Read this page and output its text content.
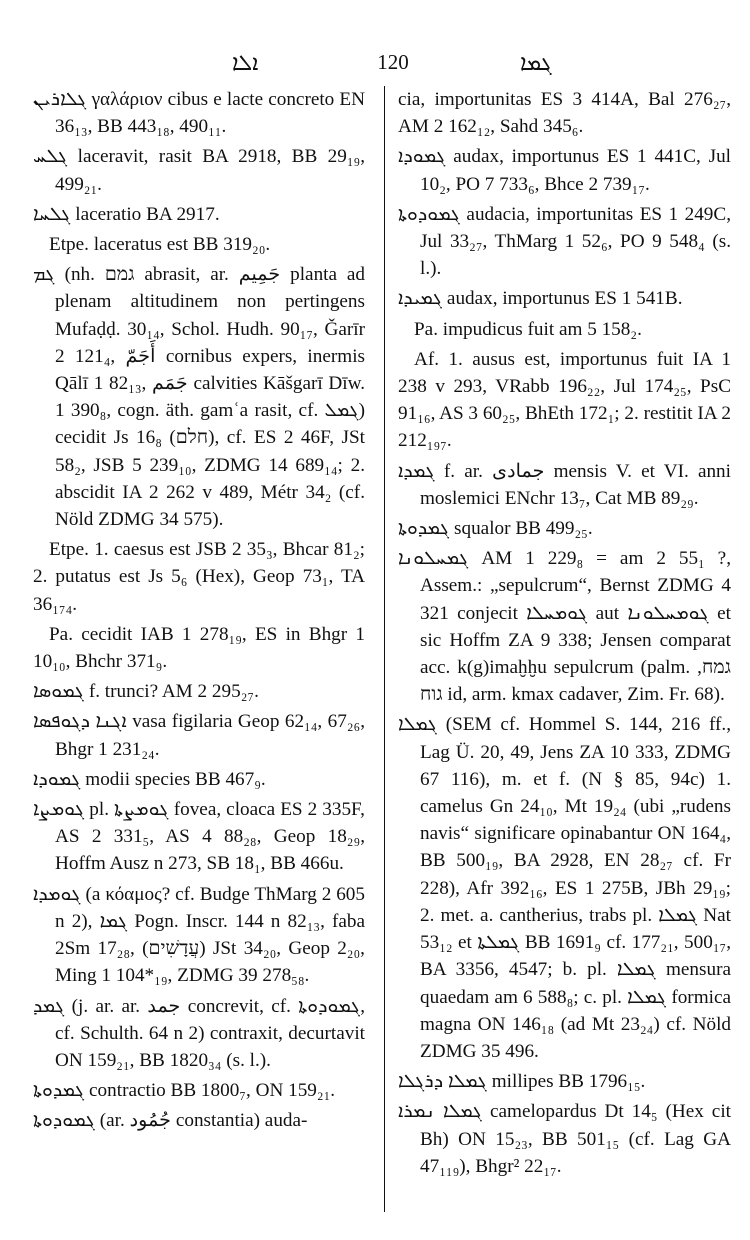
ܐܠܐ	120	ܓܡܐ
ܓܠܐܪܝܢ γαλάριον cibus e lacte concreto EN 36₁₃, BB 443₁₈, 490₁₁.
ܓܠܚ laceravit, rasit BA 2918, BB 29₁₉, 499₂₁.
ܓܠܚܐ laceratio BA 2917.
Etpe. laceratus est BB 319₂₀.
ܓܡ (nh. גמם abrasit, ar. جَمِيم planta ad plenam altitudinem non pertingens Mufaḍḍ. 30₁₄, Schol. Hudh. 90₁₇, Ǧarīr 2 121₄, أَجَمّ cornibus expers, inermis Qālī 1 82₁₃, جَمَم calvities Kāšgarī Dīw. 1 390₈, cogn. äth. gamʿa rasit, cf. ܓܡܠ) cecidit Js 16₈ (חלם), cf. ES 2 46F, JSt 58₂, JSB 5 239₁₀, ZDMG 14 689₁₄; 2. abscidit IA 2 262 v 489, Métr 34₂ (cf. Nöld ZDMG 34 575).
Etpe. 1. caesus est JSB 2 35₃, Bhcar 81₂; 2. putatus est Js 5₆ (Hex), Geop 73₁, TA 36₁₇₄.
Pa. cecidit IAB 1 278₁₉, ES in Bhgr 1 10₁₀, Bhchr 371₉.
ܓܡܘܣܐ f. trunci? AM 2 295₂₇.
ܐܓܢܐ ܕܓܘܦܣܐ vasa figilaria Geop 62₁₄, 67₂₆, Bhgr 1 231₂₄.
ܓܡܘܕܐ modii species BB 467₉.
ܓܘܡܨܐ pl. ܓܘܡܨܬܐ fovea, cloaca ES 2 335F, AS 2 331₅, AS 4 88₂₈, Geop 18₂₉, Hoffm Ausz n 273, SB 18₁, BB 466u.
ܓܘܡܕܐ (a κόαμος? cf. Budge ThMarg 2 605 n 2), ܓܡܐ Pogn. Inscr. 144 n 82₁₃, faba 2Sm 17₂₈, (עֲדָשִׁים) JSt 34₂₀, Geop 2₂₀, Ming 1 104*₁₉, ZDMG 39 278₅₈.
ܓܡܕ (j. ar. ar. جمد concrevit, cf. ܓܡܘܕܘܬܐ, cf. Schulth. 64 n 2) contraxit, decurtavit ON 159₂₁, BB 1820₃₄ (s. l.).
ܓܡܕܘܬܐ contractio BB 1800₇, ON 159₂₁.
ܓܡܘܕܘܬܐ (ar. جُمُود constantia) auda-
cia, importunitas ES 3 414A, Bal 276₂₇, AM 2 162₁₂, Sahd 345₆.
ܓܡܘܕܐ audax, importunus ES 1 441C, Jul 10₂, PO 7 733₆, Bhce 2 739₁₇.
ܓܡܘܕܘܬܐ audacia, importunitas ES 1 249C, Jul 33₂₇, ThMarg 1 52₆, PO 9 548₄ (s. l.).
ܓܡܝܕܐ audax, importunus ES 1 541B.
Pa. impudicus fuit am 5 158₂.
Af. 1. ausus est, importunus fuit IA 1 238 v 293, VRabb 196₂₂, Jul 174₂₅, PsC 91₁₆, AS 3 60₂₅, BhEth 172₁; 2. restitit IA 2 212₁₉₇.
ܓܡܕܐ f. ar. جمادى mensis V. et VI. anni moslemici ENchr 13₇, Cat MB 89₂₉.
ܓܡܕܘܬܐ squalor BB 499₂₅.
ܓܡܚܠܘܢܐ AM 1 229₈ = am 2 55₁ ?, Assem.: „sepulcrum“, Bernst ZDMG 4 321 conjecit ܓܘܡܚܠܐ aut ܓܘܡܚܠܘܢܐ et sic Hoffm ZA 9 338; Jensen comparat acc. k(g)imaḫḫu sepulcrum (palm. גמח, גוח id, arm. kmax cadaver, Zim. Fr. 68).
ܓܡܠܐ (SEM cf. Hommel S. 144, 216 ff., Lag Ü. 20, 49, Jens ZA 10 333, ZDMG 67 116), m. et f. (N § 85, 94c) 1. camelus Gn 24₁₀, Mt 19₂₄ (ubi „rudens navis“ significare opinabantur ON 164₄, BB 500₁₉, BA 2928, EN 28₂₇ cf. Fr 228), Afr 392₁₆, ES 1 275B, JBh 29₁₉; 2. met. a. cantherius, trabs pl. ܓܡܠܐ Nat 53₁₂ et ܓܡܠܬܐ BB 1691₉ cf. 177₂₁, 500₁₇, BA 3356, 4547; b. pl. ܓܡܠܐ mensura quaedam am 6 588₈; c. pl. ܓܡܠܐ formica magna ON 146₁₈ (ad Mt 23₂₄) cf. Nöld ZDMG 35 496.
ܓܡܠܐ ܕܪܓܠܐ millipes BB 1796₁₅.
ܓܡܠܐ ܢܡܪܐ camelopardus Dt 14₅ (Hex cit Bh) ON 15₂₃, BB 501₁₅ (cf. Lag GA 47₁₁₉), Bhgr² 22₁₇.
